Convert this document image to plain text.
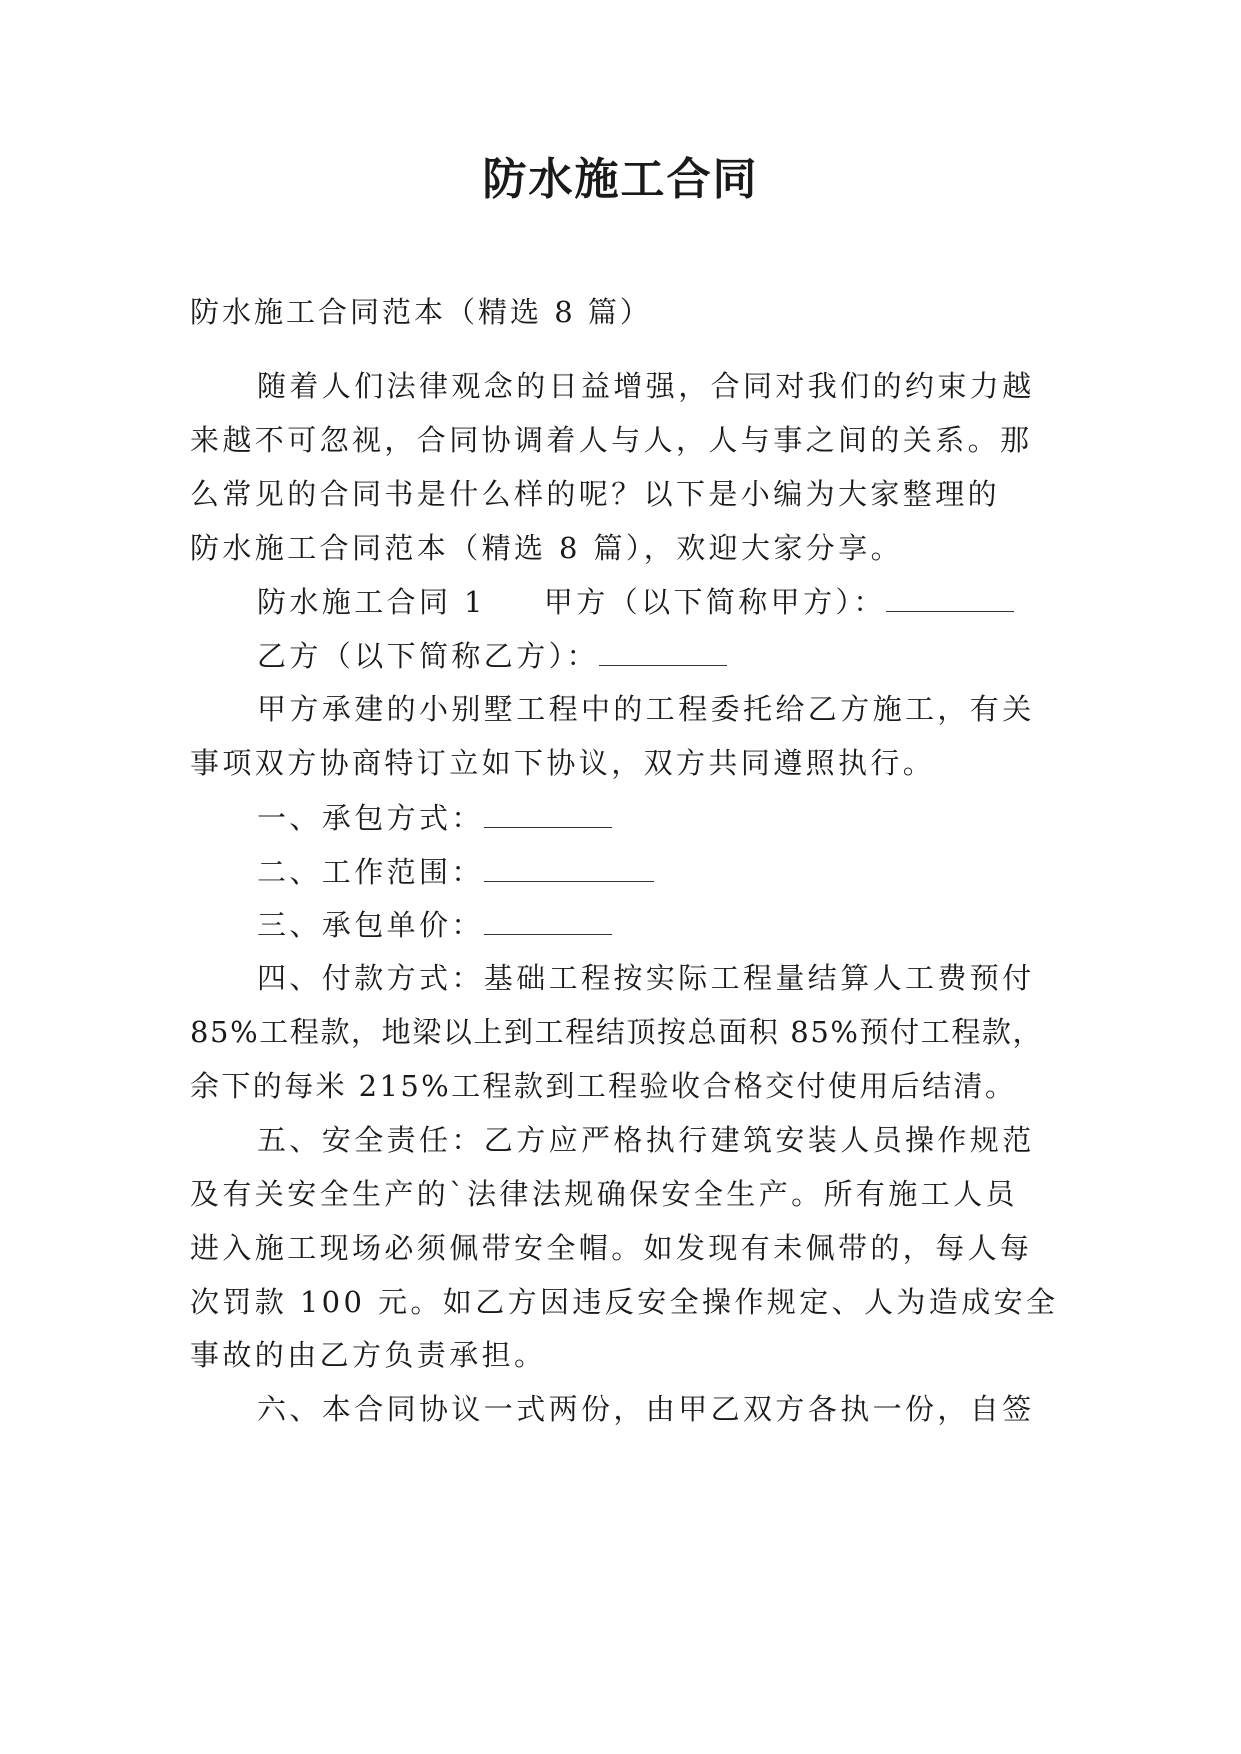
防水施工合同
防水施工合同范本（精选 8 篇）
随着人们法律观念的日益增强，合同对我们的约束力越
来越不可忽视，合同协调着人与人，人与事之间的关系。那
么常见的合同书是什么样的呢？以下是小编为大家整理的
防水施工合同范本（精选 8 篇），欢迎大家分享。
防水施工合同 1 甲方（以下简称甲方）：
乙方（以下简称乙方）：
甲方承建的小别墅工程中的工程委托给乙方施工，有关
事项双方协商特订立如下协议，双方共同遵照执行。
一、承包方式：
二、工作范围：
三、承包单价：
四、付款方式：基础工程按实际工程量结算人工费预付
85%工程款，地梁以上到工程结顶按总面积 85%预付工程款，
余下的每米 215%工程款到工程验收合格交付使用后结清。
五、安全责任：乙方应严格执行建筑安装人员操作规范
及有关安全生产的`法律法规确保安全生产。所有施工人员
进入施工现场必须佩带安全帽。如发现有未佩带的，每人每
次罚款 100 元。如乙方因违反安全操作规定、人为造成安全
事故的由乙方负责承担。
六、本合同协议一式两份，由甲乙双方各执一份，自签
